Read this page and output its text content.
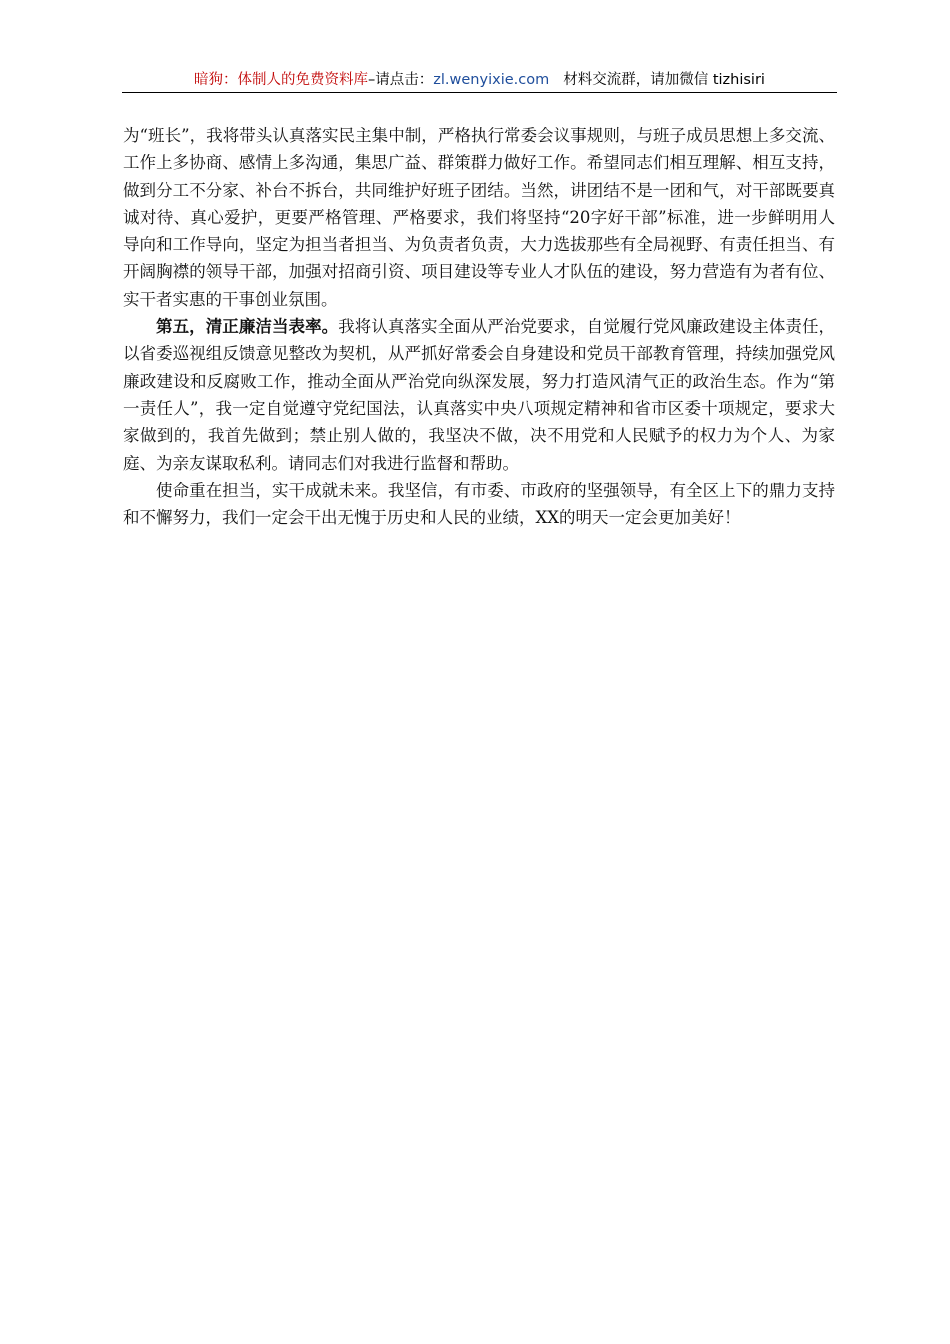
暗狗：体制人的免费资料库–请点击：zl.wenyixie.com 材料交流群，请加微信 tizhisiri

为“班长”，我将带头认真落实民主集中制，严格执行常委会议事规则，与班子成员思想上多交流、工作上多协商、感情上多沟通，集思广益、群策群力做好工作。希望同志们相互理解、相互支持，做到分工不分家、补台不拆台，共同维护好班子团结。当然，讲团结不是一团和气，对干部既要真诚对待、真心爱护，更要严格管理、严格要求，我们将坚持“20字好干部”标准，进一步鲜明用人导向和工作导向，坚定为担当者担当、为负责者负责，大力选拔那些有全局视野、有责任担当、有开阔胸襟的领导干部，加强对招商引资、项目建设等专业人才队伍的建设，努力营造有为者有位、实干者实惠的干事创业氛围。

第五，清正廉洁当表率。我将认真落实全面从严治党要求，自觉履行党风廉政建设主体责任，以省委巡视组反馈意见整改为契机，从严抓好常委会自身建设和党员干部教育管理，持续加强党风廉政建设和反腐败工作，推动全面从严治党向纵深发展，努力打造风清气正的政治生态。作为“第一责任人”，我一定自觉遵守党纪国法，认真落实中央八项规定精神和省市区委十项规定，要求大家做到的，我首先做到；禁止别人做的，我坚决不做，决不用党和人民赋予的权力为个人、为家庭、为亲友谋取私利。请同志们对我进行监督和帮助。

使命重在担当，实干成就未来。我坚信，有市委、市政府的坚强领导，有全区上下的鼎力支持和不懈努力，我们一定会干出无愧于历史和人民的业绩，XX的明天一定会更加美好！
